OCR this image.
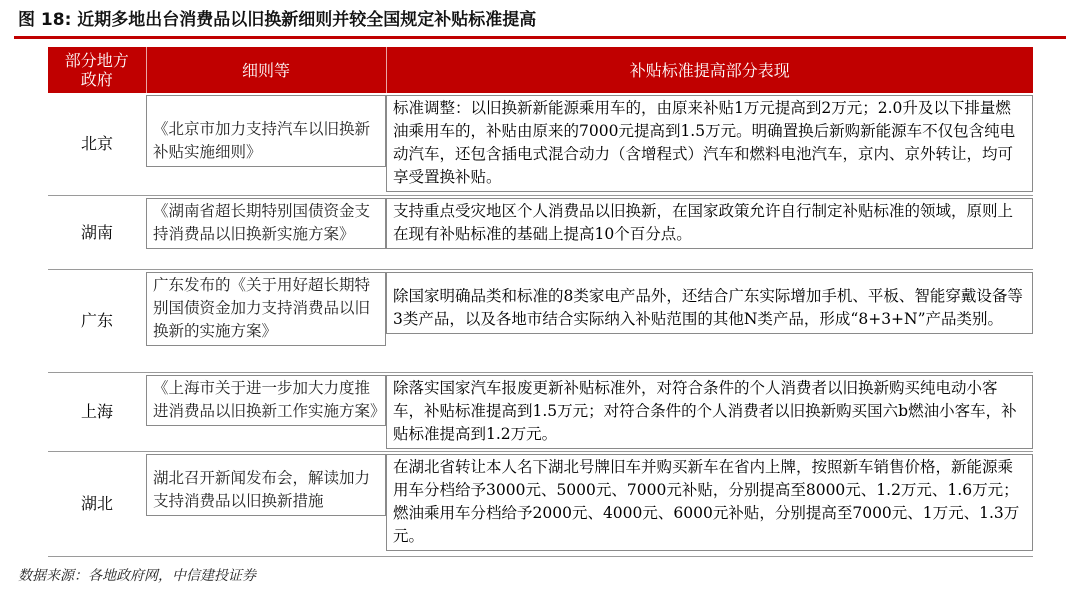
图 18: 近期多地出台消费品以旧换新细则并较全国规定补贴标准提高
部分地方政府	细则等	补贴标准提高部分表现
北京	《北京市加力支持汽车以旧换新补贴实施细则》	标准调整：以旧换新新能源乘用车的，由原来补贴1万元提高到2万元；2.0升及以下排量燃油乘用车的，补贴由原来的7000元提高到1.5万元。明确置换后新购新能源车不仅包含纯电动汽车，还包含插电式混合动力（含增程式）汽车和燃料电池汽车，京内、京外转让，均可享受置换补贴。

湖南	《湖南省超长期特别国债资金支持消费品以旧换新实施方案》	支持重点受灾地区个人消费品以旧换新，在国家政策允许自行制定补贴标准的领域，原则上在现有补贴标准的基础上提高10个百分点。

广东	广东发布的《关于用好超长期特别国债资金加力支持消费品以旧换新的实施方案》	除国家明确品类和标准的8类家电产品外，还结合广东实际增加手机、平板、智能穿戴设备等3类产品，以及各地市结合实际纳入补贴范围的其他N类产品，形成“8+3+N”产品类别。

上海	《上海市关于进一步加大力度推进消费品以旧换新工作实施方案》	除落实国家汽车报废更新补贴标准外，对符合条件的个人消费者以旧换新购买纯电动小客车，补贴标准提高到1.5万元；对符合条件的个人消费者以旧换新购买国六b燃油小客车，补贴标准提高到1.2万元。

湖北	湖北召开新闻发布会，解读加力支持消费品以旧换新措施	在湖北省转让本人名下湖北号牌旧车并购买新车在省内上牌，按照新车销售价格，新能源乘用车分档给予3000元、5000元、7000元补贴，分别提高至8000元、1.2万元、1.6万元；燃油乘用车分档给予2000元、4000元、6000元补贴，分别提高至7000元、1万元、1.3万元。
数据来源：各地政府网，中信建投证券
